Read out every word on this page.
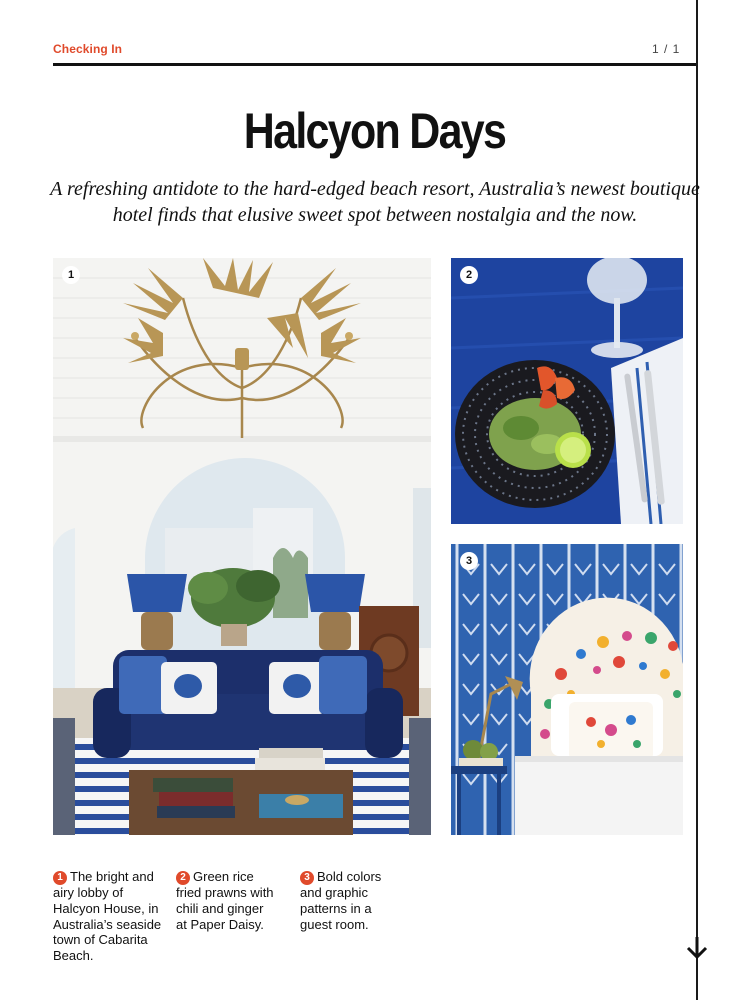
Checking In	1 / 1
Halcyon Days

A refreshing antidote to the hard-edged beach resort, Australia’s newest boutique hotel finds that elusive sweet spot between nostalgia and the now.

1	2
3
1 The bright and airy lobby of Halcyon House, in Australia’s seaside town of Cabarita Beach.
2 Green rice fried prawns with chili and ginger at Paper Daisy.
3 Bold colors and graphic patterns in a guest room.
